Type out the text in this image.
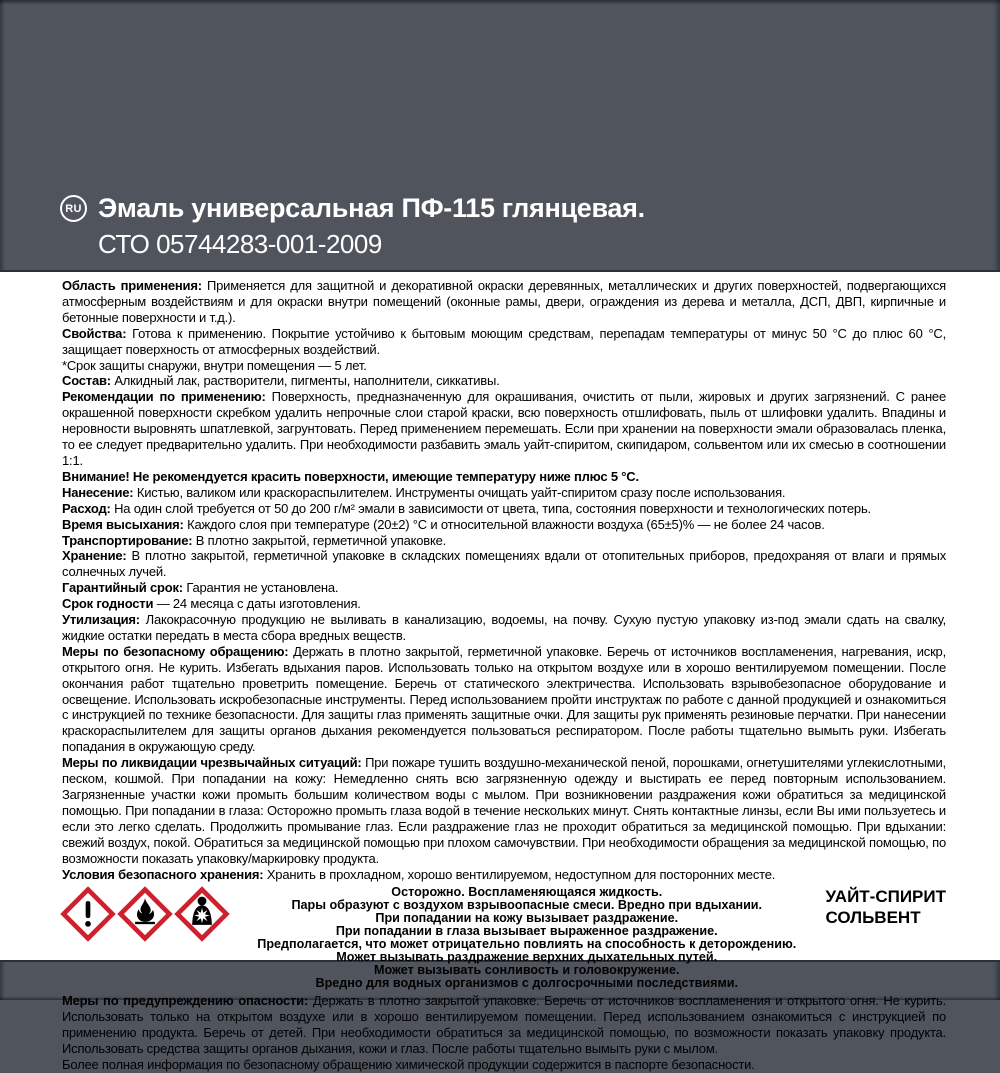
RU Эмаль универсальная ПФ-115 глянцевая.
СТО 05744283-001-2009

Область применения: Применяется для защитной и декоративной окраски деревянных, металлических и других поверхностей, подвергающихся атмосферным воздействиям и для окраски внутри помещений (оконные рамы, двери, ограждения из дерева и металла, ДСП, ДВП, кирпичные и бетонные поверхности и т.д.).

Свойства: Готова к применению. Покрытие устойчиво к бытовым моющим средствам, перепадам температуры от минус 50 °С до плюс 60 °С, защищает поверхность от атмосферных воздействий.

*Срок защиты снаружи, внутри помещения — 5 лет.

Состав: Алкидный лак, растворители, пигменты, наполнители, сиккативы.

Рекомендации по применению: Поверхность, предназначенную для окрашивания, очистить от пыли, жировых и других загрязнений. С ранее окрашенной поверхности скребком удалить непрочные слои старой краски, всю поверхность отшлифовать, пыль от шлифовки удалить. Впадины и неровности выровнять шпатлевкой, загрунтовать. Перед применением перемешать. Если при хранении на поверхности эмали образовалась пленка, то ее следует предварительно удалить. При необходимости разбавить эмаль уайт-спиритом, скипидаром, сольвентом или их смесью в соотношении 1:1.

Внимание! Не рекомендуется красить поверхности, имеющие температуру ниже плюс 5 °С.

Нанесение: Кистью, валиком или краскораспылителем. Инструменты очищать уайт-спиритом сразу после использования.

Расход: На один слой требуется от 50 до 200 г/м² эмали в зависимости от цвета, типа, состояния поверхности и технологических потерь.

Время высыхания: Каждого слоя при температуре (20±2) °С и относительной влажности воздуха (65±5)% — не более 24 часов.

Транспортирование: В плотно закрытой, герметичной упаковке.

Хранение: В плотно закрытой, герметичной упаковке в складских помещениях вдали от отопительных приборов, предохраняя от влаги и прямых солнечных лучей.

Гарантийный срок: Гарантия не установлена.

Срок годности — 24 месяца с даты изготовления.

Утилизация: Лакокрасочную продукцию не выливать в канализацию, водоемы, на почву. Сухую пустую упаковку из-под эмали сдать на свалку, жидкие остатки передать в места сбора вредных веществ.

Меры по безопасному обращению: Держать в плотно закрытой, герметичной упаковке. Беречь от источников воспламенения, нагревания, искр, открытого огня. Не курить. Избегать вдыхания паров. Использовать только на открытом воздухе или в хорошо вентилируемом помещении. После окончания работ тщательно проветрить помещение. Беречь от статического электричества. Использовать взрывобезопасное оборудование и освещение. Использовать искробезопасные инструменты. Перед использованием пройти инструктаж по работе с данной продукцией и ознакомиться с инструкцией по технике безопасности. Для защиты глаз применять защитные очки. Для защиты рук применять резиновые перчатки. При нанесении краскораспылителем для защиты органов дыхания рекомендуется пользоваться респиратором. После работы тщательно вымыть руки. Избегать попадания в окружающую среду.

Меры по ликвидации чрезвычайных ситуаций: При пожаре тушить воздушно-механической пеной, порошками, огнетушителями углекислотными, песком, кошмой. При попадании на кожу: Немедленно снять всю загрязненную одежду и выстирать ее перед повторным использованием. Загрязненные участки кожи промыть большим количеством воды с мылом. При возникновении раздражения кожи обратиться за медицинской помощью. При попадании в глаза: Осторожно промыть глаза водой в течение нескольких минут. Снять контактные линзы, если Вы ими пользуетесь и если это легко сделать. Продолжить промывание глаз. Если раздражение глаз не проходит обратиться за медицинской помощью. При вдыхании: свежий воздух, покой. Обратиться за медицинской помощью при плохом самочувствии. При необходимости обращения за медицинской помощью, по возможности показать упаковку/маркировку продукта.

Условия безопасного хранения: Хранить в прохладном, хорошо вентилируемом, недоступном для посторонних месте.

Осторожно. Воспламеняющаяся жидкость.
Пары образуют с воздухом взрывоопасные смеси. Вредно при вдыхании.
При попадании на кожу вызывает раздражение.
При попадании в глаза вызывает выраженное раздражение.
Предполагается, что может отрицательно повлиять на способность к деторождению.
Может вызывать раздражение верхних дыхательных путей.
Может вызывать сонливость и головокружение.
Вредно для водных организмов с долгосрочными последствиями.
УАЙТ-СПИРИТ
СОЛЬВЕНТ

Меры по предупреждению опасности: Держать в плотно закрытой упаковке. Беречь от источников воспламенения и открытого огня. Не курить. Использовать только на открытом воздухе или в хорошо вентилируемом помещении. Перед использованием ознакомиться с инструкцией по применению продукта. Беречь от детей. При необходимости обратиться за медицинской помощью, по возможности показать упаковку продукта. Использовать средства защиты органов дыхания, кожи и глаз. После работы тщательно вымыть руки с мылом.

Более полная информация по безопасному обращению химической продукции содержится в паспорте безопасности.
